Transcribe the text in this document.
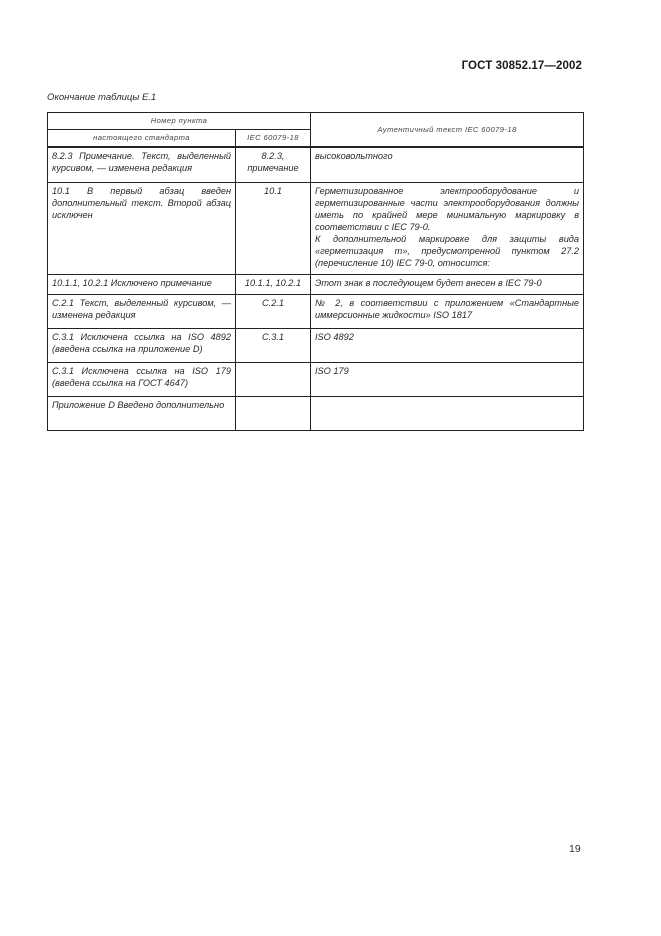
ГОСТ 30852.17—2002
Окончание таблицы Е.1
Номер пункта		Аутентичный текст IEC 60079-18
настоящего стандарта	IEC 60079-18	
8.2.3 Примечание. Текст, выделенный курсивом, — изменена редакция	8.2.3, примечание	высоковольтного

10.1 В первый абзац введен дополнительный текст. Второй абзац исключен	10.1	Герметизированное электрооборудование и герметизированные части электрооборудования должны иметь по крайней мере минимальную маркировку в соответствии с IEC 79-0.
К дополнительной маркировке для защиты вида «герметизация m», предусмотренной пунктом 27.2 (перечисление 10) IEC 79-0, относится:

10.1.1, 10.2.1 Исключено примечание	10.1.1, 10.2.1	Этот знак в последующем будет внесен в IEC 79-0

С.2.1 Текст, выделенный курсивом, — изменена редакция	С.2.1	№ 2, в соответствии с приложением «Стандартные иммерсионные жидкости» ISO 1817

С.3.1 Исключена ссылка на ISO 4892 (введена ссылка на приложение D)	С.3.1	ISO 4892

С.3.1 Исключена ссылка на ISO 179 (введена ссылка на ГОСТ 4647)		ISO 179

Приложение D Введено дополнительно		
19
